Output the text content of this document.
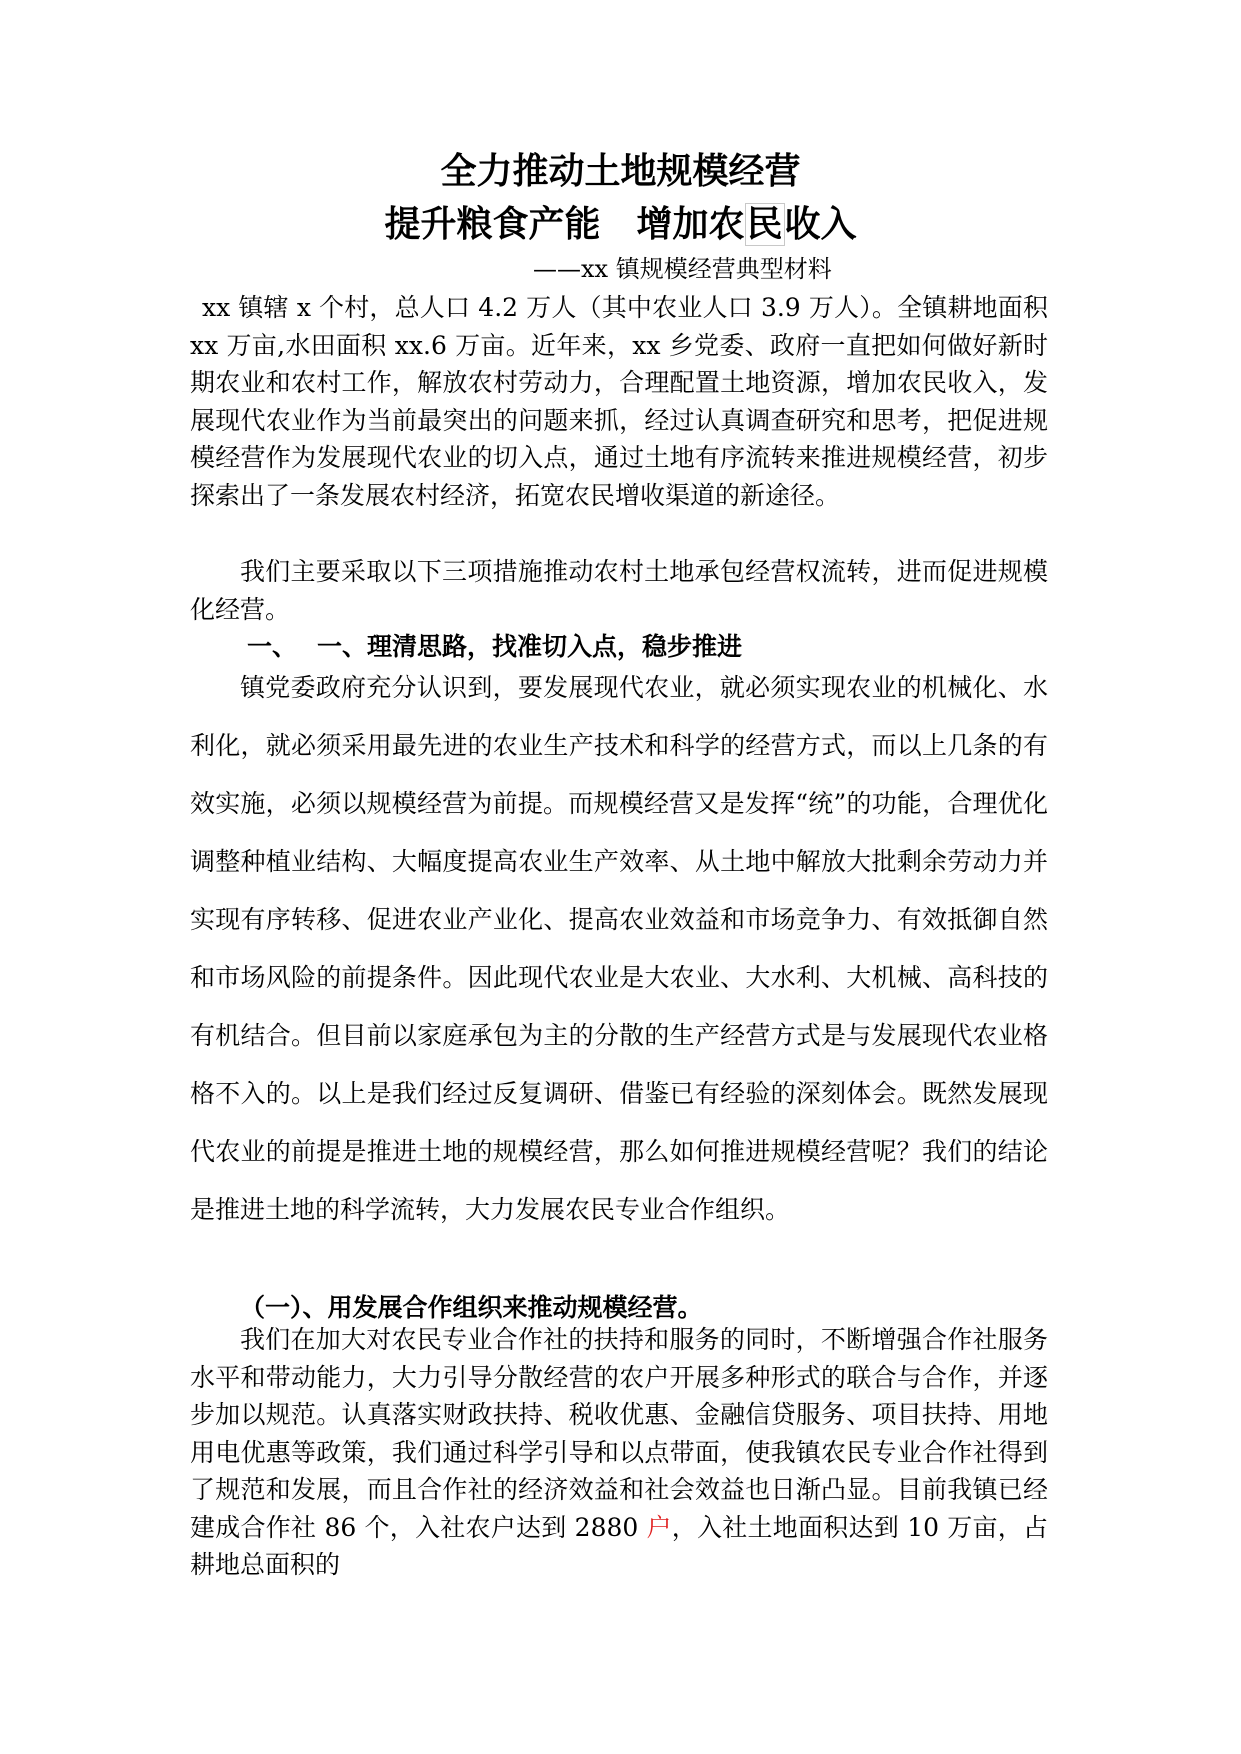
全力推动土地规模经营
提升粮食产能 增加农民收入
——xx 镇规模经营典型材料

xx 镇辖 x 个村，总人口 4.2 万人（其中农业人口 3.9 万人）。全镇耕地面积 xx 万亩,水田面积 xx.6 万亩。近年来，xx 乡党委、政府一直把如何做好新时期农业和农村工作，解放农村劳动力，合理配置土地资源，增加农民收入，发展现代农业作为当前最突出的问题来抓，经过认真调查研究和思考，把促进规模经营作为发展现代农业的切入点，通过土地有序流转来推进规模经营，初步探索出了一条发展农村经济，拓宽农民增收渠道的新途径。

我们主要采取以下三项措施推动农村土地承包经营权流转，进而促进规模化经营。

一、 一、理清思路，找准切入点，稳步推进

镇党委政府充分认识到，要发展现代农业，就必须实现农业的机械化、水利化，就必须采用最先进的农业生产技术和科学的经营方式，而以上几条的有效实施，必须以规模经营为前提。而规模经营又是发挥“统”的功能，合理优化调整种植业结构、大幅度提高农业生产效率、从土地中解放大批剩余劳动力并实现有序转移、促进农业产业化、提高农业效益和市场竞争力、有效抵御自然和市场风险的前提条件。因此现代农业是大农业、大水利、大机械、高科技的有机结合。但目前以家庭承包为主的分散的生产经营方式是与发展现代农业格格不入的。以上是我们经过反复调研、借鉴已有经验的深刻体会。既然发展现代农业的前提是推进土地的规模经营，那么如何推进规模经营呢？我们的结论是推进土地的科学流转，大力发展农民专业合作组织。

（一）、用发展合作组织来推动规模经营。

我们在加大对农民专业合作社的扶持和服务的同时，不断增强合作社服务水平和带动能力，大力引导分散经营的农户开展多种形式的联合与合作，并逐步加以规范。认真落实财政扶持、税收优惠、金融信贷服务、项目扶持、用地用电优惠等政策，我们通过科学引导和以点带面，使我镇农民专业合作社得到了规范和发展，而且合作社的经济效益和社会效益也日渐凸显。目前我镇已经建成合作社 86 个，入社农户达到 2880 户，入社土地面积达到 10 万亩，占耕地总面积的
